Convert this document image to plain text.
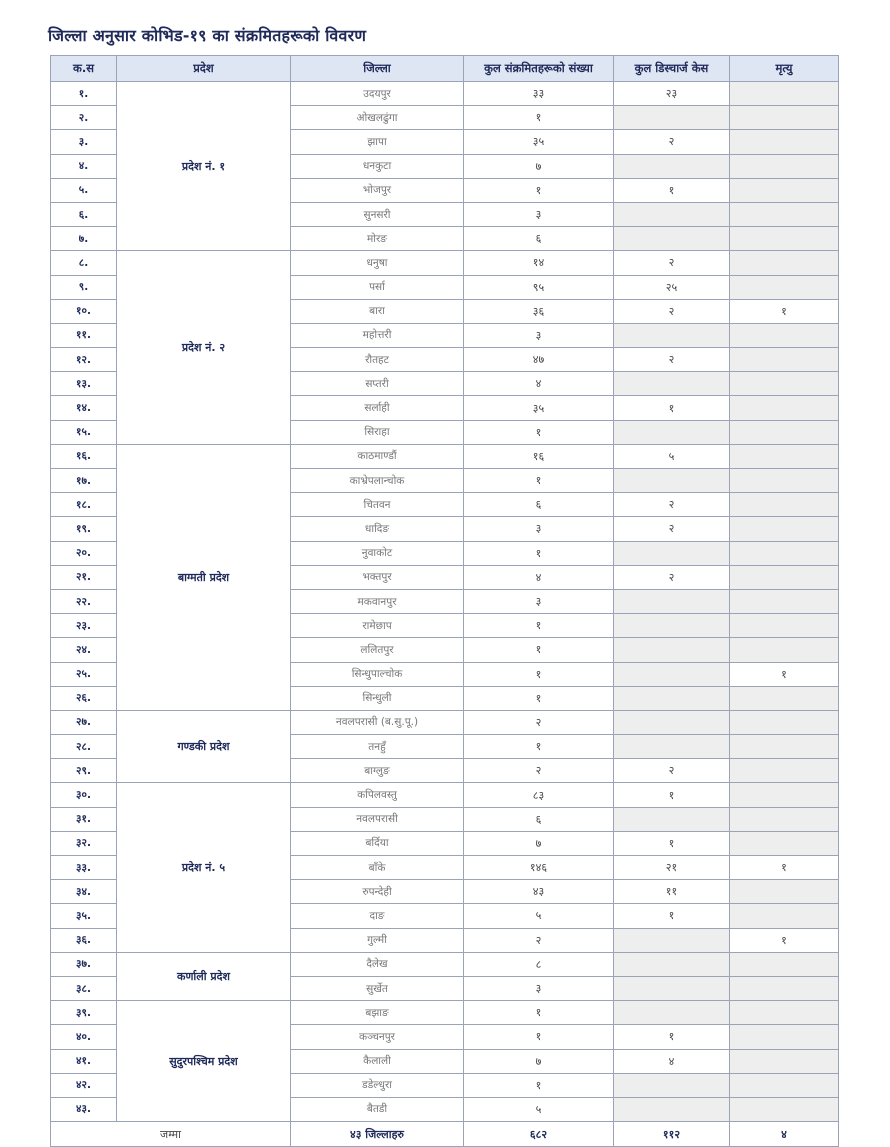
जिल्ला अनुसार कोभिड-१९ का संक्रमितहरूको विवरण
क.स	प्रदेश	जिल्ला	कुल संक्रमितहरूको संख्या	कुल डिस्चार्ज केस	मृत्यु
१.	प्रदेश नं. १	उदयपुर	३३	२३	
२.		ओखलढुंगा	१		
३.		झापा	३५	२	
४.		धनकुटा	७		
५.		भोजपुर	१	१	
६.		सुनसरी	३		
७.		मोरङ	६		
८.	प्रदेश नं. २	धनुषा	१४	२	
९.		पर्सा	९५	२५	
१०.		बारा	३६	२	१
११.		महोत्तरी	३		
१२.		रौतहट	४७	२	
१३.		सप्तरी	४		
१४.		सर्लाही	३५	१	
१५.		सिराहा	१		
१६.	बाग्मती प्रदेश	काठमाण्डौं	१६	५	
१७.		काभ्रेपलान्चोक	१		
१८.		चितवन	६	२	
१९.		धादिङ	३	२	
२०.		नुवाकोट	१		
२१.		भक्तपुर	४	२	
२२.		मकवानपुर	३		
२३.		रामेछाप	१		
२४.		ललितपुर	१		
२५.		सिन्धुपाल्चोक	१		१
२६.		सिन्धुली	१		
२७.	गण्डकी प्रदेश	नवलपरासी (ब.सु.पू.)	२		
२८.		तनहुँ	१		
२९.		बाग्लुङ	२	२	
३०.	प्रदेश नं. ५	कपिलवस्तु	८३	१	
३१.		नवलपरासी	६		
३२.		बर्दिया	७	१	
३३.		बाँके	१४६	२१	१
३४.		रुपन्देही	४३	११	
३५.		दाङ	५	१	
३६.		गुल्मी	२		१
३७.	कर्णाली प्रदेश	दैलेख	८		
३८.		सुर्खेत	३		
३९.	सुदुरपश्चिम प्रदेश	बझाङ	१		
४०.		कञ्चनपुर	१	१	
४१.		कैलाली	७	४	
४२.		डडेल्धुरा	१		
४३.		बैतडी	५		
जम्मा		४३ जिल्लाहरु	६८२	११२	४
